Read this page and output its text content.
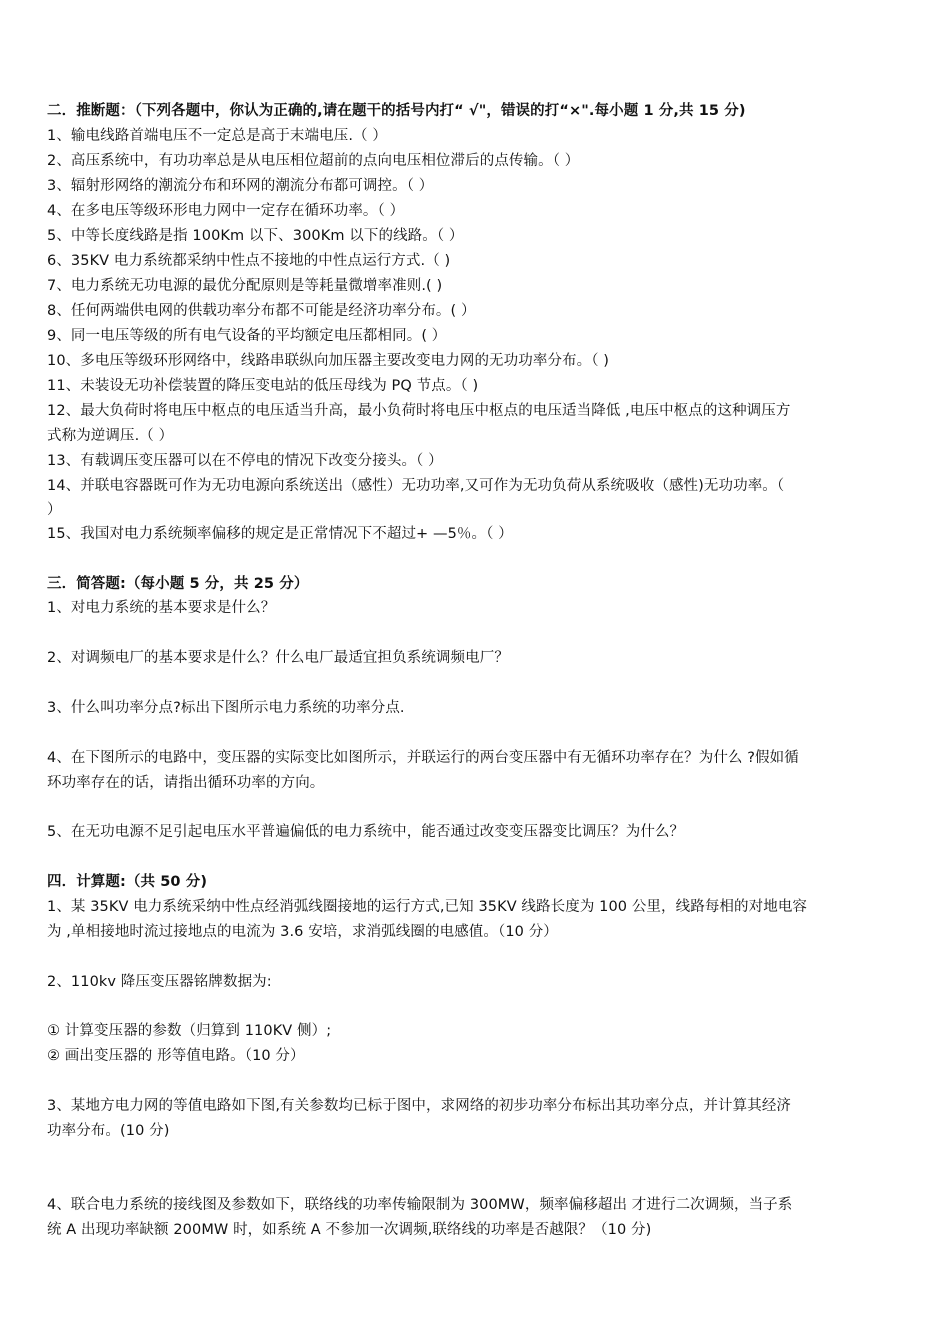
二．推断题：（下列各题中，你认为正确的,请在题干的括号内打“ √"，错误的打“×".每小题 1 分,共 15 分)
1、输电线路首端电压不一定总是高于末端电压.（ ）
2、高压系统中，有功功率总是从电压相位超前的点向电压相位滞后的点传输。（ ）
3、辐射形网络的潮流分布和环网的潮流分布都可调控。（ ）
4、在多电压等级环形电力网中一定存在循环功率。（ ）
5、中等长度线路是指 100Km 以下、300Km 以下的线路。（ ）
6、35KV 电力系统都采纳中性点不接地的中性点运行方式.（ )
7、电力系统无功电源的最优分配原则是等耗量微增率准则.( )
8、任何两端供电网的供载功率分布都不可能是经济功率分布。( ）
9、同一电压等级的所有电气设备的平均额定电压都相同。( ）
10、多电压等级环形网络中，线路串联纵向加压器主要改变电力网的无功功率分布。（ )
11、未装设无功补偿装置的降压变电站的低压母线为 PQ 节点。（ )
12、最大负荷时将电压中枢点的电压适当升高，最小负荷时将电压中枢点的电压适当降低 ,电压中枢点的这种调压方
式称为逆调压.（ ）
13、有载调压变压器可以在不停电的情况下改变分接头。（ ）
14、并联电容器既可作为无功电源向系统送出（感性）无功功率,又可作为无功负荷从系统吸收（感性)无功功率。（
）
15、我国对电力系统频率偏移的规定是正常情况下不超过+ —5％。（ ）
三．简答题:（每小题 5 分，共 25 分）
1、对电力系统的基本要求是什么？
2、对调频电厂的基本要求是什么？什么电厂最适宜担负系统调频电厂？
3、什么叫功率分点?标出下图所示电力系统的功率分点.
4、在下图所示的电路中，变压器的实际变比如图所示，并联运行的两台变压器中有无循环功率存在？为什么 ?假如循
环功率存在的话，请指出循环功率的方向。
5、在无功电源不足引起电压水平普遍偏低的电力系统中，能否通过改变变压器变比调压？为什么？
四．计算题:（共 50 分)
1、某 35KV 电力系统采纳中性点经消弧线圈接地的运行方式,已知 35KV 线路长度为 100 公里，线路每相的对地电容
为 ,单相接地时流过接地点的电流为 3.6 安培，求消弧线圈的电感值。（10 分）
2、110kv 降压变压器铭牌数据为:
① 计算变压器的参数（归算到 110KV 侧）;
② 画出变压器的 形等值电路。（10 分）
3、某地方电力网的等值电路如下图,有关参数均已标于图中，求网络的初步功率分布标出其功率分点，并计算其经济
功率分布。(10 分)
4、联合电力系统的接线图及参数如下，联络线的功率传输限制为 300MW，频率偏移超出 才进行二次调频，当子系
统 A 出现功率缺额 200MW 时，如系统 A 不参加一次调频,联络线的功率是否越限？（10 分)
